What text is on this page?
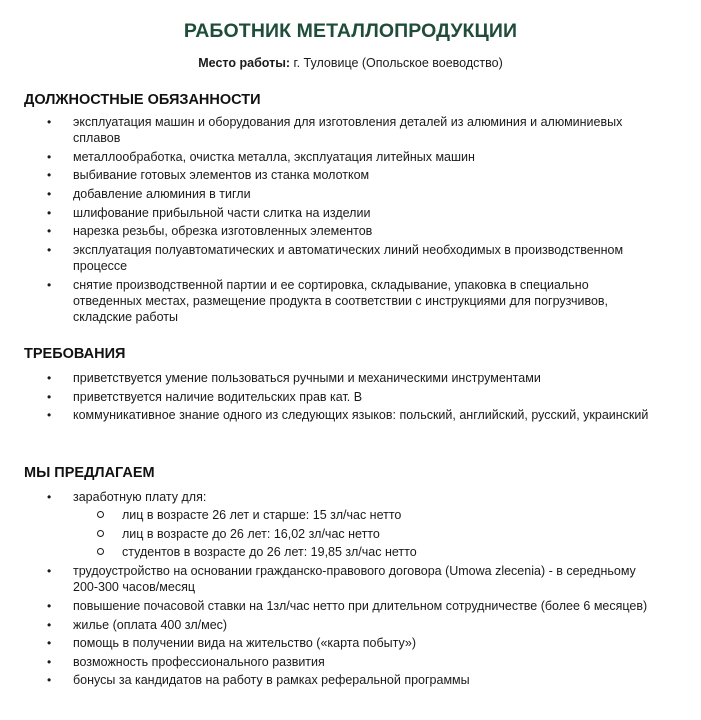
РАБОТНИК МЕТАЛЛОПРОДУКЦИИ
Место работы: г. Туловице (Опольское воеводство)
ДОЛЖНОСТНЫЕ ОБЯЗАННОСТИ
• эксплуатация машин и оборудования для изготовления деталей из алюминия и алюминиевых сплавов
• металлообработка, очистка металла, эксплуатация литейных машин
• выбивание готовых элементов из станка молотком
• добавление алюминия в тигли
• шлифование прибыльной части слитка на изделии
• нарезка резьбы, обрезка изготовленных элементов
• эксплуатация полуавтоматических и автоматических линий необходимых в производственном процессе
• снятие производственной партии и ее сортировка, складывание, упаковка в специально отведенных местах, размещение продукта в соответствии с инструкциями для погрузчивов, складские работы
ТРЕБОВАНИЯ
• приветствуется умение пользоваться ручными и механическими инструментами
• приветствуется наличие водительских прав кат. В
• коммуникативное знание одного из следующих языков: польский, английский, русский, украинский
МЫ ПРЕДЛАГАЕМ
• заработную плату для:
лиц в возрасте 26 лет и старше: 15 зл/час нетто
лиц в возрасте до 26 лет: 16,02 зл/час нетто
студентов в возрасте до 26 лет: 19,85 зл/час нетто
• трудоустройство на основании гражданско-правового договора (Umowa zlecenia) - в середньому 200-300 часов/месяц
• повышение почасовой ставки на 1зл/час нетто при длительном сотрудничестве (более 6 месяцев)
• жилье (оплата 400 зл/мес)
• помощь в получении вида на жительство («карта побыту»)
• возможность профессионального развития
• бонусы за кандидатов на работу в рамках реферальной программы
